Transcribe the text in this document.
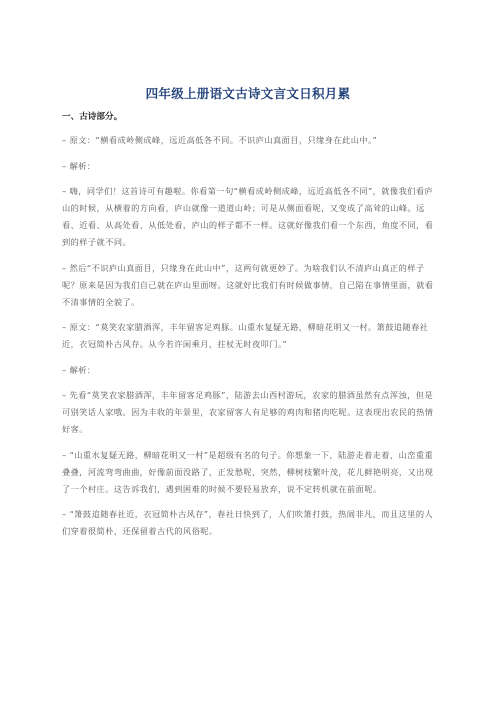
四年级上册语文古诗文言文日积月累
一、古诗部分。

– 原文：“横看成岭侧成峰，远近高低各不同。不识庐山真面目，只缘身在此山中。”

– 解析：

– 嗨，同学们！这首诗可有趣啦。你看第一句“横看成岭侧成峰，远近高低各不同”，就像我们看庐山的时候，从横着的方向看，庐山就像一道道山岭；可是从侧面看呢，又变成了高耸的山峰。远看、近看、从高处看、从低处看，庐山的样子都不一样。这就好像我们看一个东西，角度不同，看到的样子就不同。

– 然后“不识庐山真面目，只缘身在此山中”，这两句就更妙了。为啥我们认不清庐山真正的样子呢？原来是因为我们自己就在庐山里面呀。这就好比我们有时候做事情，自己陷在事情里面，就看不清事情的全貌了。

– 原文：“莫笑农家腊酒浑，丰年留客足鸡豚。山重水复疑无路，柳暗花明又一村。箫鼓追随春社近，衣冠简朴古风存。从今若许闲乘月，拄杖无时夜叩门。”

– 解析：

– 先看“莫笑农家腊酒浑，丰年留客足鸡豚”，陆游去山西村游玩，农家的腊酒虽然有点浑浊，但是可别笑话人家哦。因为丰收的年景里，农家留客人有足够的鸡肉和猪肉吃呢。这表现出农民的热情好客。

– “山重水复疑无路，柳暗花明又一村”是超级有名的句子。你想象一下，陆游走着走着，山峦重重叠叠，河流弯弯曲曲，好像前面没路了，正发愁呢，突然，柳树枝繁叶茂，花儿鲜艳明亮，又出现了一个村庄。这告诉我们，遇到困难的时候不要轻易放弃，说不定转机就在前面呢。

– “箫鼓追随春社近，衣冠简朴古风存”，春社日快到了，人们吹箫打鼓，热闹非凡，而且这里的人们穿着很简朴，还保留着古代的风俗呢。
